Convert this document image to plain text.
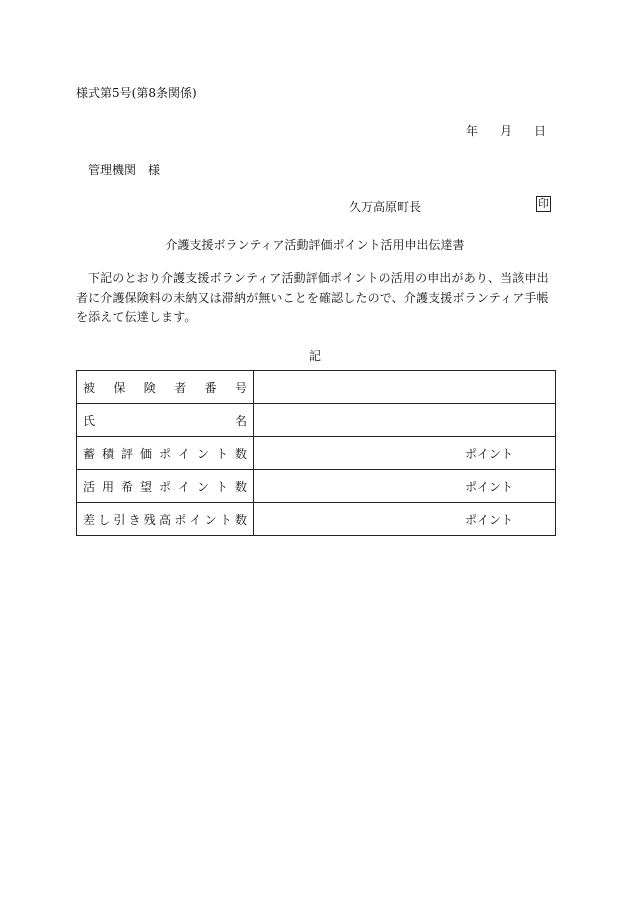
様式第5号(第8条関係)
年 月 日
管理機関 様
久万高原町長	印
介護支援ボランティア活動評価ポイント活用申出伝達書
下記のとおり介護支援ボランティア活動評価ポイントの活用の申出があり、当該申出者に介護保険料の未納又は滞納が無いことを確認したので、介護支援ボランティア手帳を添えて伝達します。
記
被保険者番号	
氏名	
蓄積評価ポイント数	ポイント
活用希望ポイント数	ポイント
差し引き残高ポイント数	ポイント
